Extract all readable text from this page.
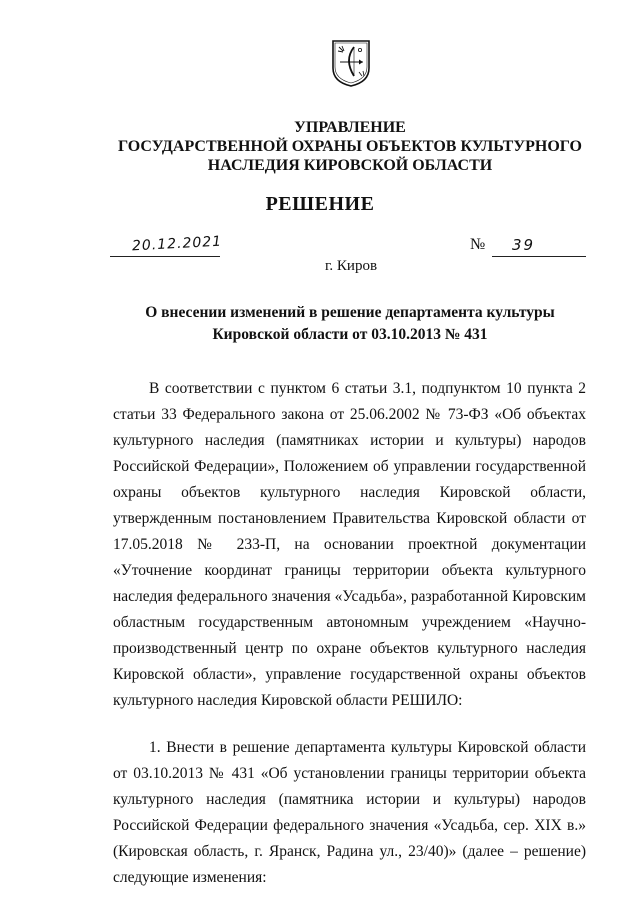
УПРАВЛЕНИЕ
ГОСУДАРСТВЕННОЙ ОХРАНЫ ОБЪЕКТОВ КУЛЬТУРНОГО
НАСЛЕДИЯ КИРОВСКОЙ ОБЛАСТИ
РЕШЕНИЕ
20.12.2021	№ 39
г. Киров
О внесении изменений в решение департамента культуры Кировской области от 03.10.2013 № 431

В соответствии с пунктом 6 статьи 3.1, подпунктом 10 пункта 2 статьи 33 Федерального закона от 25.06.2002 № 73-ФЗ «Об объектах культурного наследия (памятниках истории и культуры) народов Российской Федерации», Положением об управлении государственной охраны объектов культурного наследия Кировской области, утвержденным постановлением Правительства Кировской области от 17.05.2018 № 233-П, на основании проектной документации «Уточнение координат границы территории объекта культурного наследия федерального значения «Усадьба», разработанной Кировским областным государственным автономным учреждением «Научно-производственный центр по охране объектов культурного наследия Кировской области», управление государственной охраны объектов культурного наследия Кировской области РЕШИЛО:

1. Внести в решение департамента культуры Кировской области от 03.10.2013 № 431 «Об установлении границы территории объекта культурного наследия (памятника истории и культуры) народов Российской Федерации федерального значения «Усадьба, сер. XIX в.» (Кировская область, г. Яранск, Радина ул., 23/40)» (далее – решение) следующие изменения:
